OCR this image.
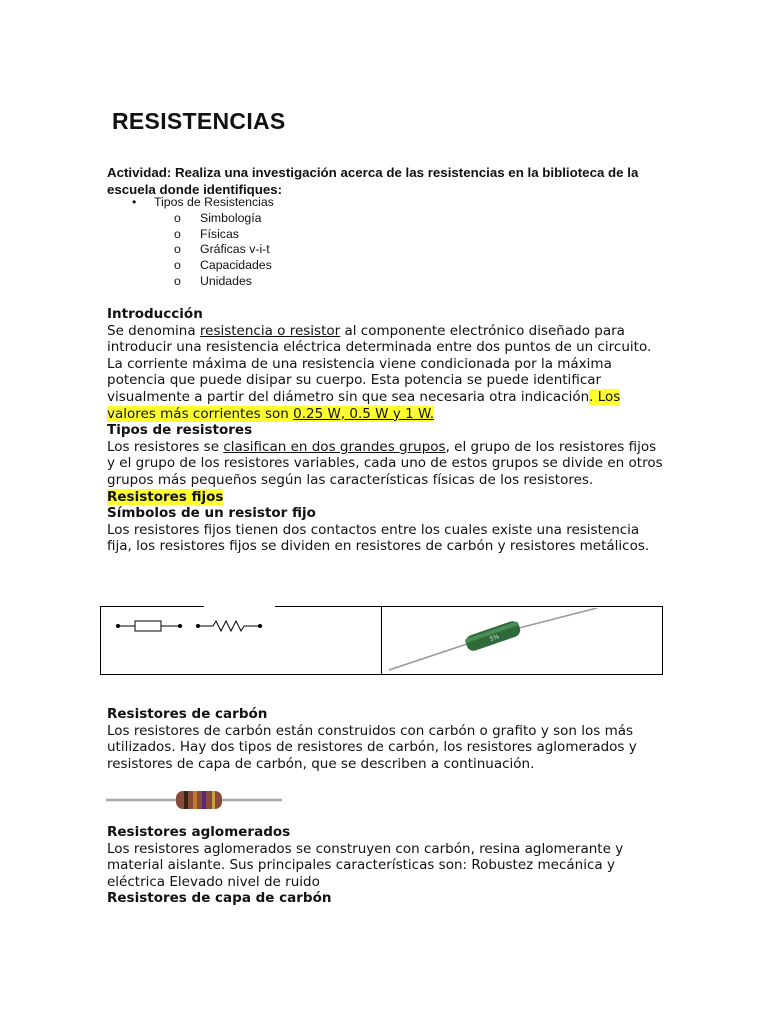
RESISTENCIAS
Actividad: Realiza una investigación acerca de las resistencias en la biblioteca de la escuela donde identifiques:
• Tipos de Resistencias
o Simbología
o Físicas
o Gráficas v-i-t
o Capacidades
o Unidades
Introducción
Se denomina resistencia o resistor al componente electrónico diseñado para introducir una resistencia eléctrica determinada entre dos puntos de un circuito.
La corriente máxima de una resistencia viene condicionada por la máxima potencia que puede disipar su cuerpo. Esta potencia se puede identificar visualmente a partir del diámetro sin que sea necesaria otra indicación. Los valores más corrientes son 0.25 W, 0.5 W y 1 W.
Tipos de resistores
Los resistores se clasifican en dos grandes grupos, el grupo de los resistores fijos y el grupo de los resistores variables, cada uno de estos grupos se divide en otros grupos más pequeños según las características físicas de los resistores.
Resistores fijos
Símbolos de un resistor fijo
Los resistores fijos tienen dos contactos entre los cuales existe una resistencia fija, los resistores fijos se dividen en resistores de carbón y resistores metálicos.
5%
Resistores de carbón
Los resistores de carbón están construidos con carbón o grafito y son los más utilizados. Hay dos tipos de resistores de carbón, los resistores aglomerados y resistores de capa de carbón, que se describen a continuación.
Resistores aglomerados
Los resistores aglomerados se construyen con carbón, resina aglomerante y material aislante. Sus principales características son: Robustez mecánica y eléctrica Elevado nivel de ruido
Resistores de capa de carbón
